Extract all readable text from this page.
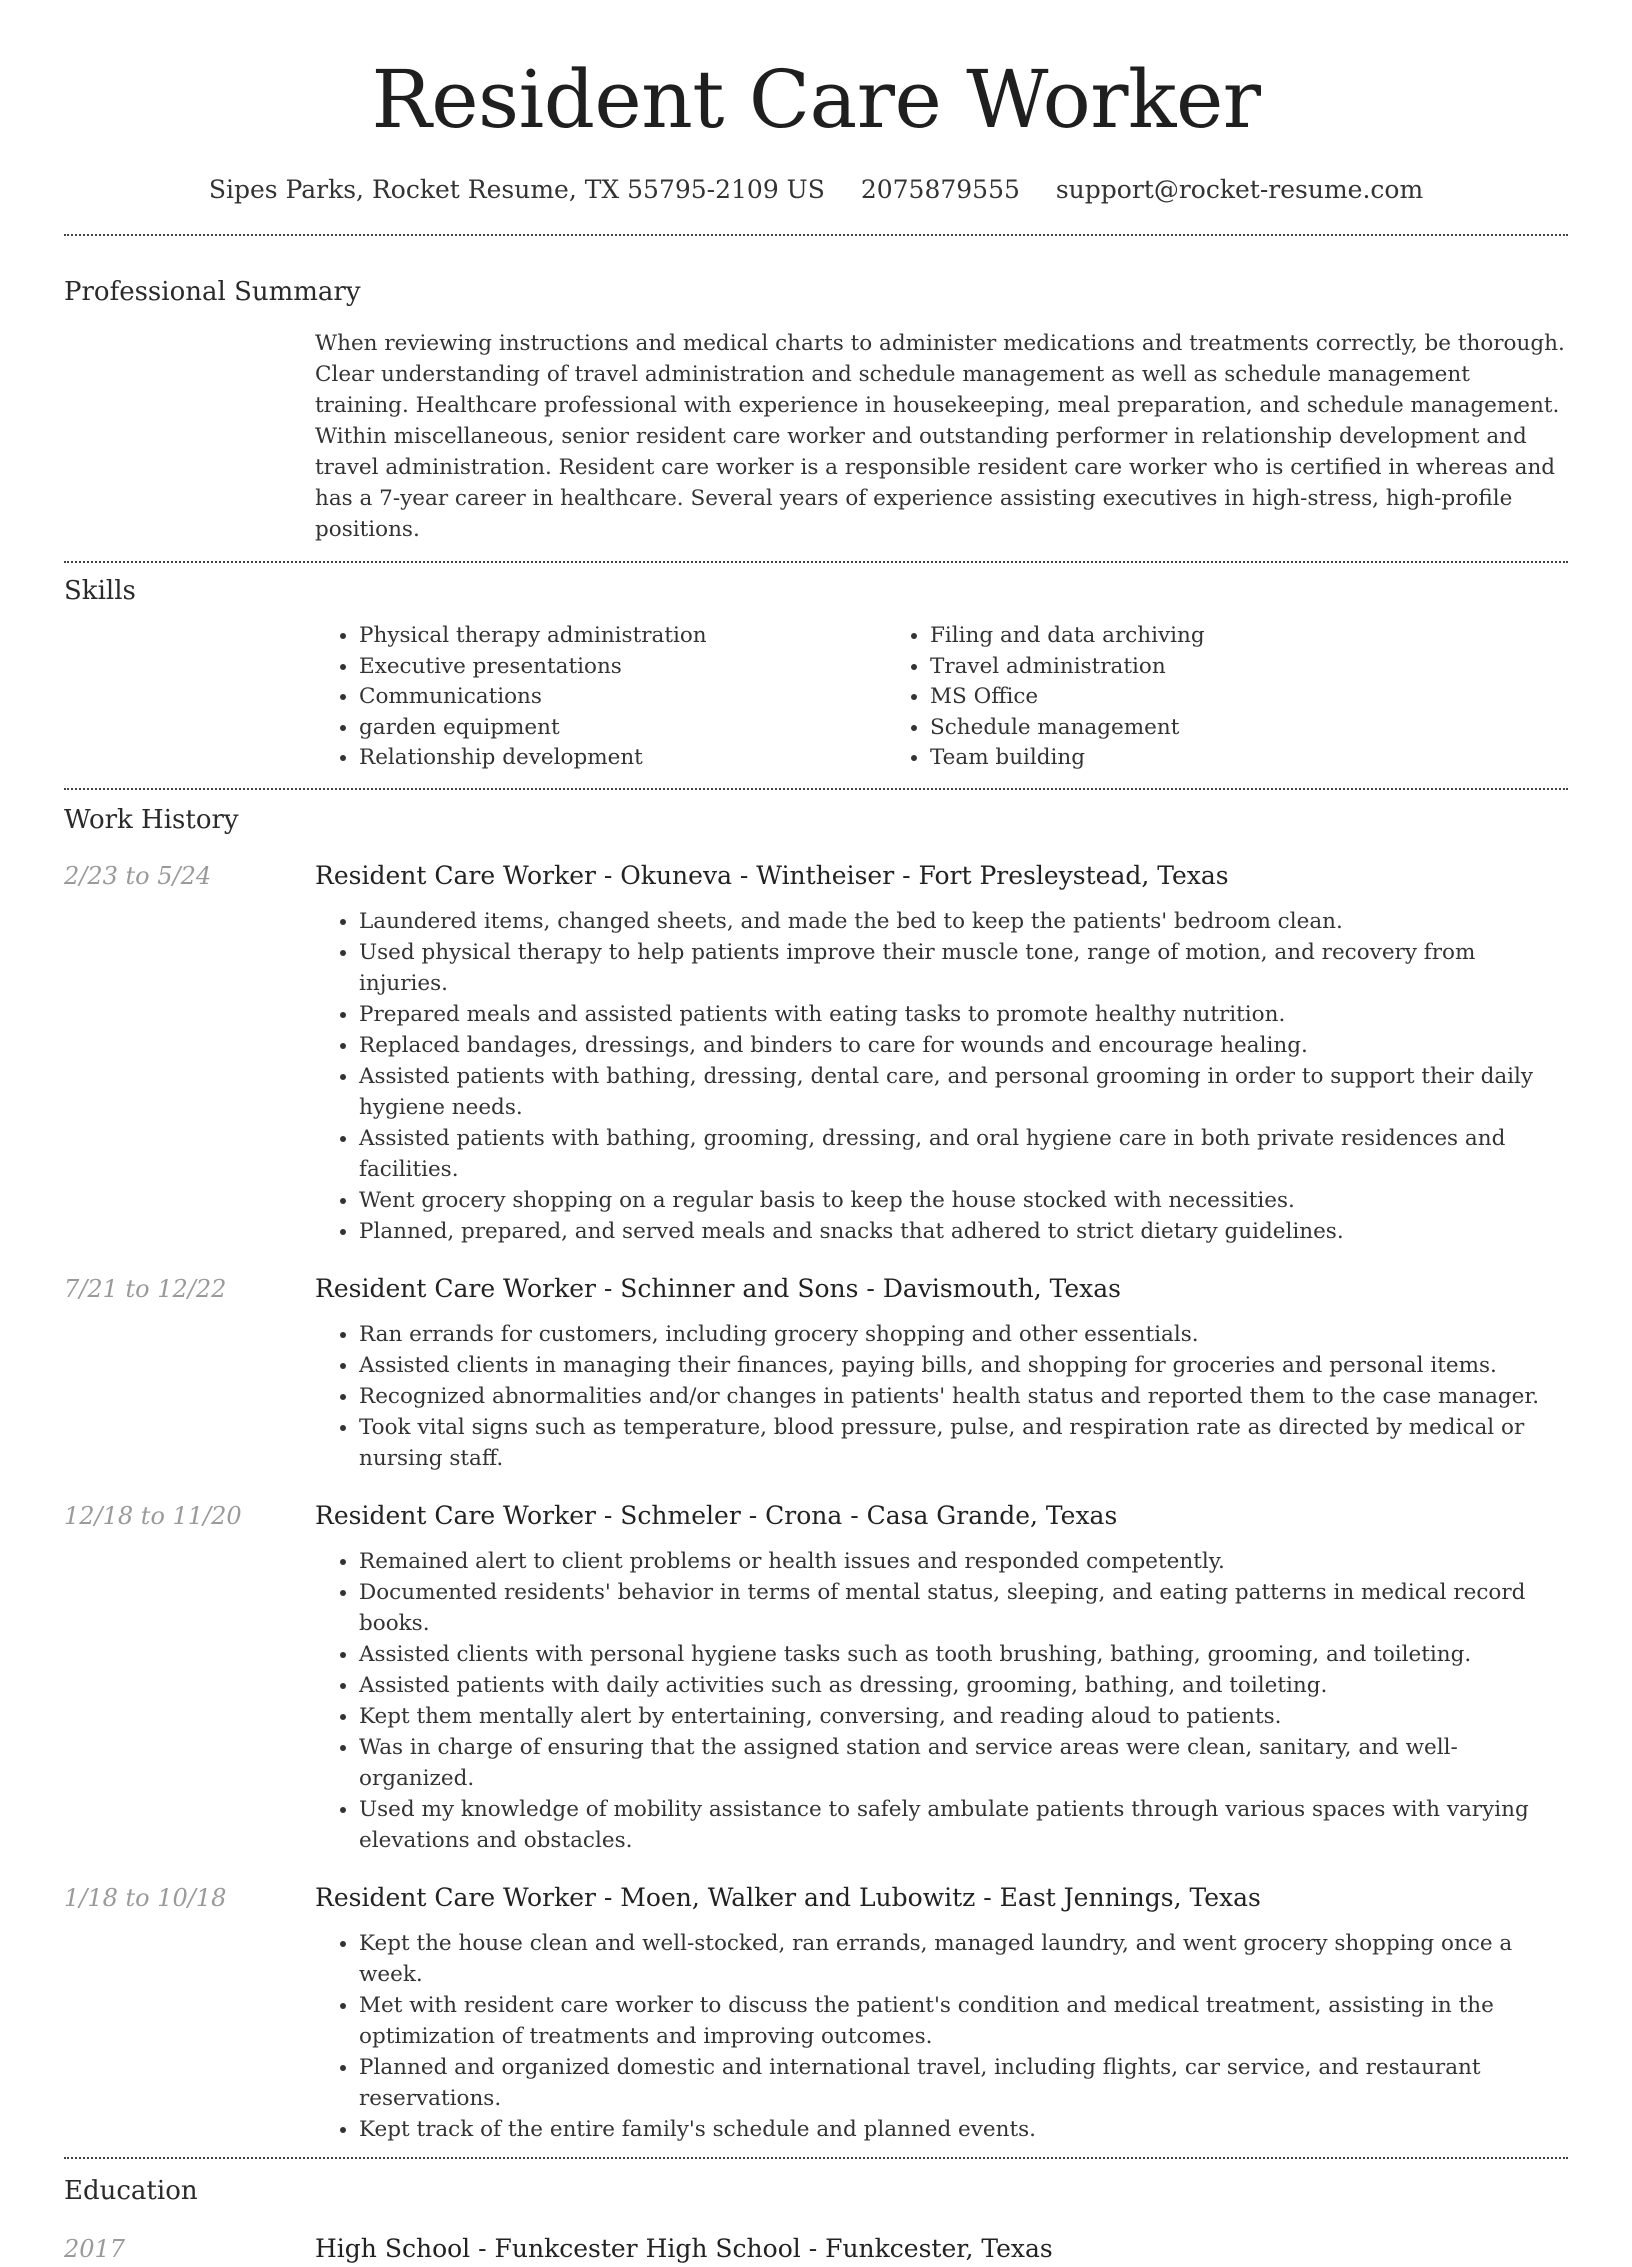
Resident Care Worker
Sipes Parks, Rocket Resume, TX 55795-2109 US 2075879555 support@rocket-resume.com
Professional Summary
When reviewing instructions and medical charts to administer medications and treatments correctly, be thorough. Clear understanding of travel administration and schedule management as well as schedule management training. Healthcare professional with experience in housekeeping, meal preparation, and schedule management. Within miscellaneous, senior resident care worker and outstanding performer in relationship development and travel administration. Resident care worker is a responsible resident care worker who is certified in whereas and has a 7-year career in healthcare. Several years of experience assisting executives in high-stress, high-profile positions.
Skills
• Physical therapy administration
• Executive presentations
• Communications
• garden equipment
• Relationship development
• Filing and data archiving
• Travel administration
• MS Office
• Schedule management
• Team building
Work History
2/23 to 5/24	Resident Care Worker - Okuneva - Wintheiser - Fort Presleystead, Texas
• Laundered items, changed sheets, and made the bed to keep the patients' bedroom clean.
• Used physical therapy to help patients improve their muscle tone, range of motion, and recovery from injuries.
• Prepared meals and assisted patients with eating tasks to promote healthy nutrition.
• Replaced bandages, dressings, and binders to care for wounds and encourage healing.
• Assisted patients with bathing, dressing, dental care, and personal grooming in order to support their daily hygiene needs.
• Assisted patients with bathing, grooming, dressing, and oral hygiene care in both private residences and facilities.
• Went grocery shopping on a regular basis to keep the house stocked with necessities.
• Planned, prepared, and served meals and snacks that adhered to strict dietary guidelines.
7/21 to 12/22	Resident Care Worker - Schinner and Sons - Davismouth, Texas
• Ran errands for customers, including grocery shopping and other essentials.
• Assisted clients in managing their finances, paying bills, and shopping for groceries and personal items.
• Recognized abnormalities and/or changes in patients' health status and reported them to the case manager.
• Took vital signs such as temperature, blood pressure, pulse, and respiration rate as directed by medical or nursing staff.
12/18 to 11/20	Resident Care Worker - Schmeler - Crona - Casa Grande, Texas
• Remained alert to client problems or health issues and responded competently.
• Documented residents' behavior in terms of mental status, sleeping, and eating patterns in medical record books.
• Assisted clients with personal hygiene tasks such as tooth brushing, bathing, grooming, and toileting.
• Assisted patients with daily activities such as dressing, grooming, bathing, and toileting.
• Kept them mentally alert by entertaining, conversing, and reading aloud to patients.
• Was in charge of ensuring that the assigned station and service areas were clean, sanitary, and well-organized.
• Used my knowledge of mobility assistance to safely ambulate patients through various spaces with varying elevations and obstacles.
1/18 to 10/18	Resident Care Worker - Moen, Walker and Lubowitz - East Jennings, Texas
• Kept the house clean and well-stocked, ran errands, managed laundry, and went grocery shopping once a week.
• Met with resident care worker to discuss the patient's condition and medical treatment, assisting in the optimization of treatments and improving outcomes.
• Planned and organized domestic and international travel, including flights, car service, and restaurant reservations.
• Kept track of the entire family's schedule and planned events.
Education
2017	High School - Funkcester High School - Funkcester, Texas
